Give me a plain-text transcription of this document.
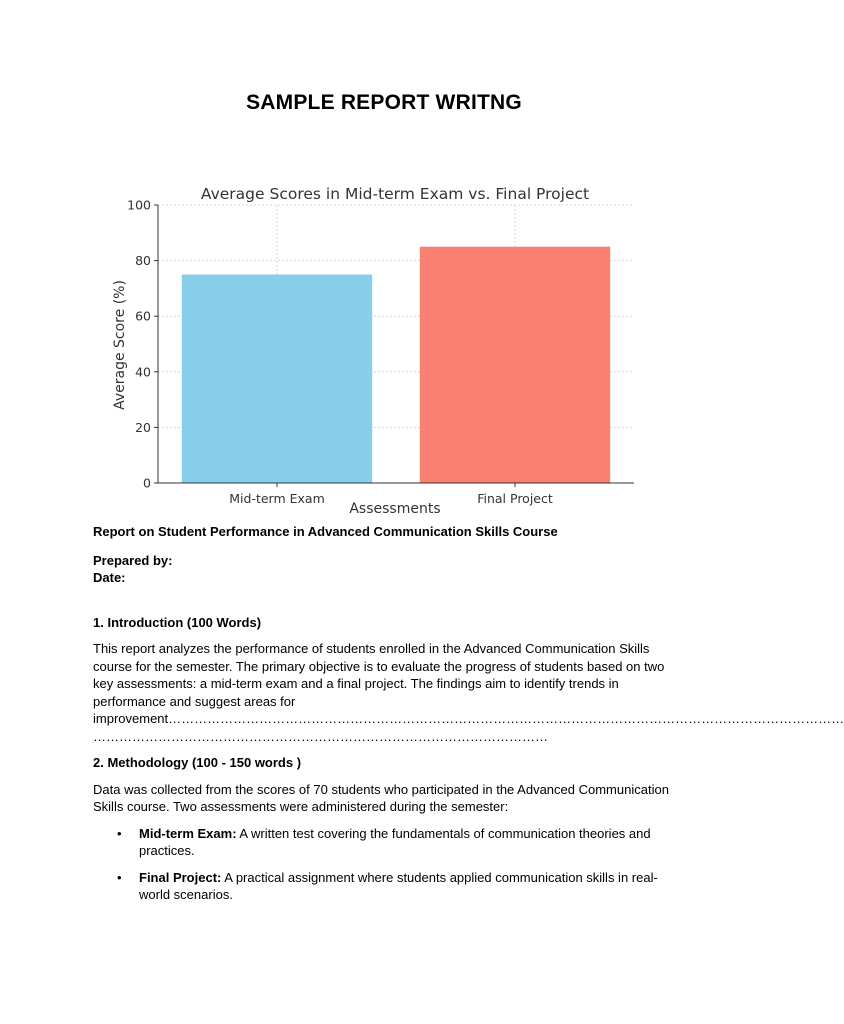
SAMPLE REPORT WRITNG
Average Scores in Mid-term Exam vs. Final Project
0
20
40
60
80
100
Mid-term Exam	Final Project
Assessments
Average Score (%)

Report on Student Performance in Advanced Communication Skills Course

Prepared by:
Date:

1. Introduction (100 Words)

This report analyzes the performance of students enrolled in the Advanced Communication Skills course for the semester. The primary objective is to evaluate the progress of students based on two key assessments: a mid-term exam and a final project. The findings aim to identify trends in performance and suggest areas for
improvement…………………………………………………………………………………………………………………………………………
……………………………………………………………………………………………

2. Methodology (100 - 150 words )

Data was collected from the scores of 70 students who participated in the Advanced Communication Skills course. Two assessments were administered during the semester:

• Mid-term Exam: A written test covering the fundamentals of communication theories and practices.
• Final Project: A practical assignment where students applied communication skills in real-world scenarios.
